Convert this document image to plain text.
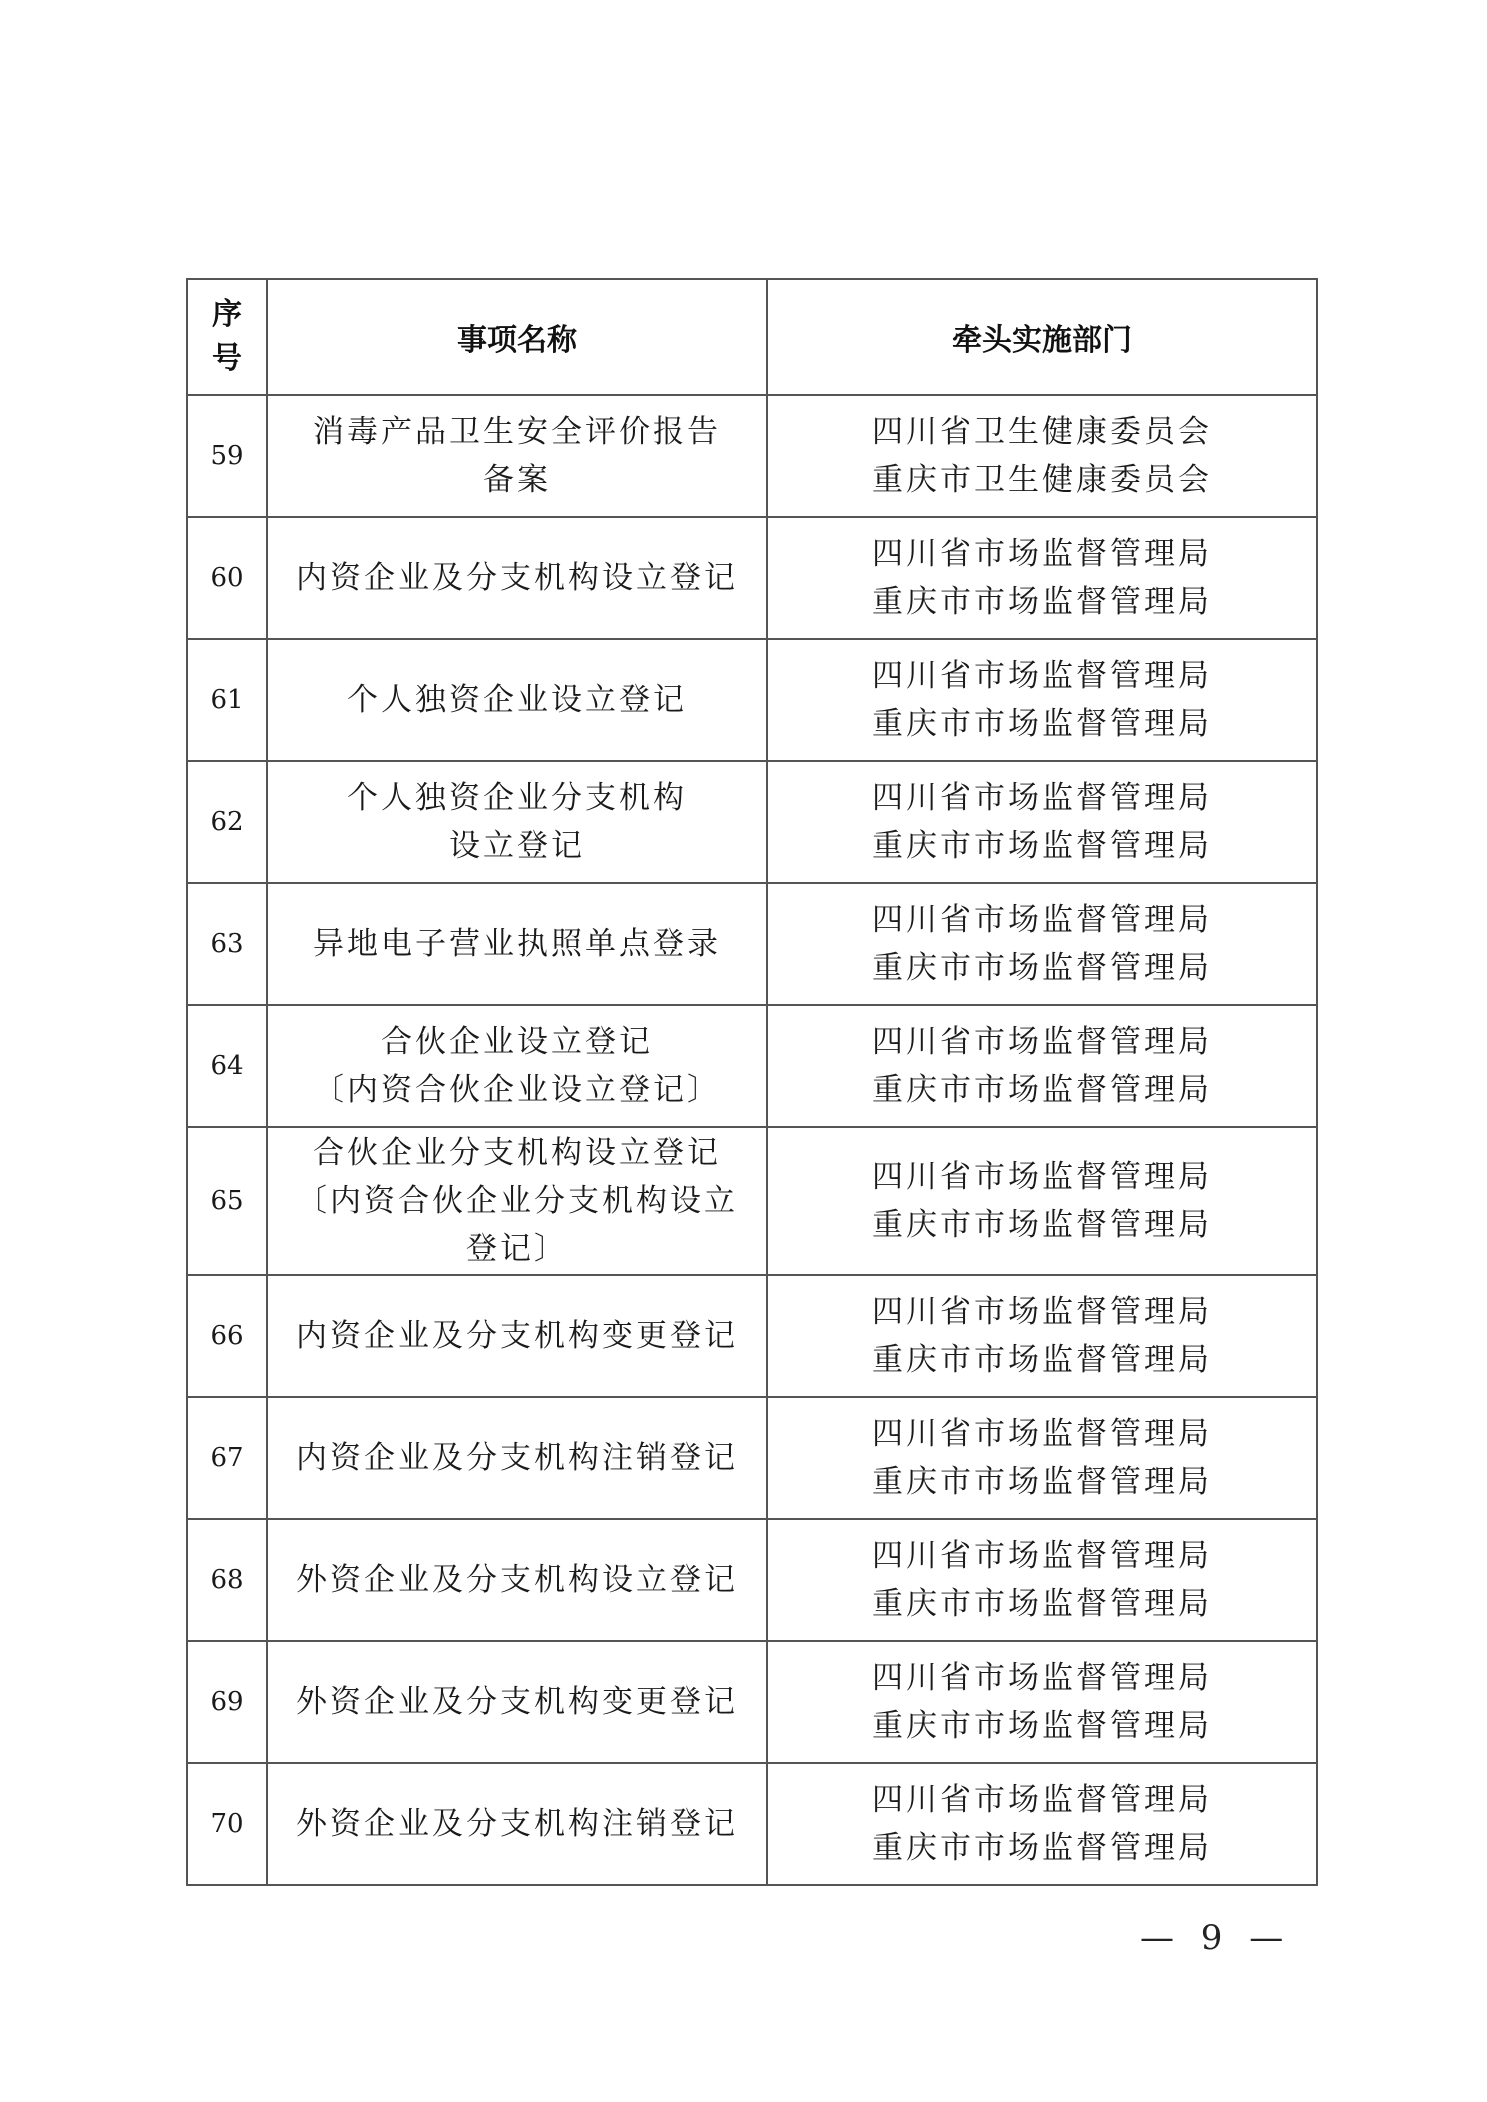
序
号	事项名称	牵头实施部门
59	消毒产品卫生安全评价报告
备案	四川省卫生健康委员会
重庆市卫生健康委员会

60	内资企业及分支机构设立登记	四川省市场监督管理局
重庆市市场监督管理局

61	个人独资企业设立登记	四川省市场监督管理局
重庆市市场监督管理局

62	个人独资企业分支机构
设立登记	四川省市场监督管理局
重庆市市场监督管理局

63	异地电子营业执照单点登录	四川省市场监督管理局
重庆市市场监督管理局

64	合伙企业设立登记
〔内资合伙企业设立登记〕	四川省市场监督管理局
重庆市市场监督管理局

65	合伙企业分支机构设立登记
〔内资合伙企业分支机构设立
登记〕	四川省市场监督管理局
重庆市市场监督管理局

66	内资企业及分支机构变更登记	四川省市场监督管理局
重庆市市场监督管理局

67	内资企业及分支机构注销登记	四川省市场监督管理局
重庆市市场监督管理局

68	外资企业及分支机构设立登记	四川省市场监督管理局
重庆市市场监督管理局

69	外资企业及分支机构变更登记	四川省市场监督管理局
重庆市市场监督管理局

70	外资企业及分支机构注销登记	四川省市场监督管理局
重庆市市场监督管理局
— 9 —
